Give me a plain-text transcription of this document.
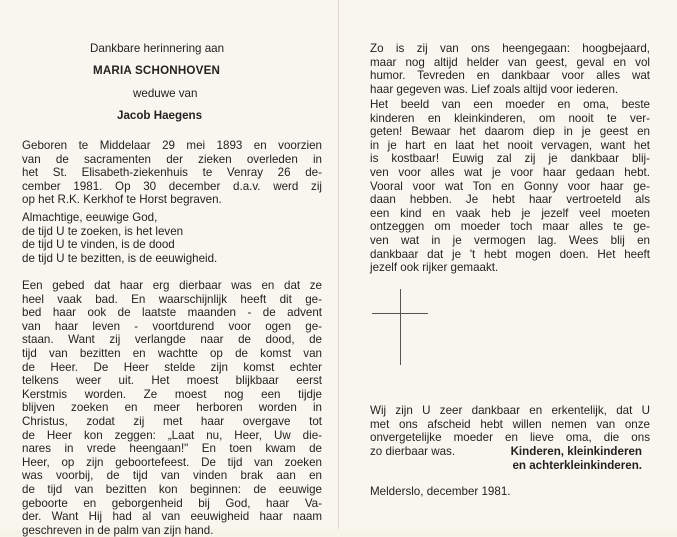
Dankbare herinnering aan
MARIA SCHONHOVEN
weduwe van
Jacob Haegens
Geboren te Middelaar 29 mei 1893 en voorzien
van de sacramenten der zieken overleden in
het St. Elisabeth-ziekenhuis te Venray 26 de-
cember 1981. Op 30 december d.a.v. werd zij
op het R.K. Kerkhof te Horst begraven.
Almachtige, eeuwige God,
de tijd U te zoeken, is het leven
de tijd U te vinden, is de dood
de tijd U te bezitten, is de eeuwigheid.
Een gebed dat haar erg dierbaar was en dat ze
heel vaak bad. En waarschijnlijk heeft dit ge-
bed haar ook de laatste maanden - de advent
van haar leven - voortdurend voor ogen ge-
staan. Want zij verlangde naar de dood, de
tijd van bezitten en wachtte op de komst van
de Heer. De Heer stelde zijn komst echter
telkens weer uit. Het moest blijkbaar eerst
Kerstmis worden. Ze moest nog een tijdje
blijven zoeken en meer herboren worden in
Christus, zodat zij met haar overgave tot
de Heer kon zeggen: „Laat nu, Heer, Uw die-
nares in vrede heengaan!" En toen kwam de
Heer, op zijn geboortefeest. De tijd van zoeken
was voorbij, de tijd van vinden brak aan en
de tijd van bezitten kon beginnen: de eeuwige
geboorte en geborgenheid bij God, haar Va-
der. Want Hij had al van eeuwigheid haar naam
geschreven in de palm van zijn hand.
Zo is zij van ons heengegaan: hoogbejaard,
maar nog altijd helder van geest, geval en vol
humor. Tevreden en dankbaar voor alles wat
haar gegeven was. Lief zoals altijd voor iederen.
Het beeld van een moeder en oma, beste
kinderen en kleinkinderen, om nooit te ver-
geten! Bewaar het daarom diep in je geest en
in je hart en laat het nooit vervagen, want het
is kostbaar! Euwig zal zij je dankbaar blij-
ven voor alles wat je voor haar gedaan hebt.
Vooral voor wat Ton en Gonny voor haar ge-
daan hebben. Je hebt haar vertroeteld als
een kind en vaak heb je jezelf veel moeten
ontzeggen om moeder toch maar alles te ge-
ven wat in je vermogen lag. Wees blij en
dankbaar dat je 't hebt mogen doen. Het heeft
jezelf ook rijker gemaakt.
Wij zijn U zeer dankbaar en erkentelijk, dat U
met ons afscheid hebt willen nemen van onze
onvergetelijke moeder en lieve oma, die ons
zo dierbaar was.	Kinderen, kleinkinderen
en achterkleinkinderen.
Melderslo, december 1981.
